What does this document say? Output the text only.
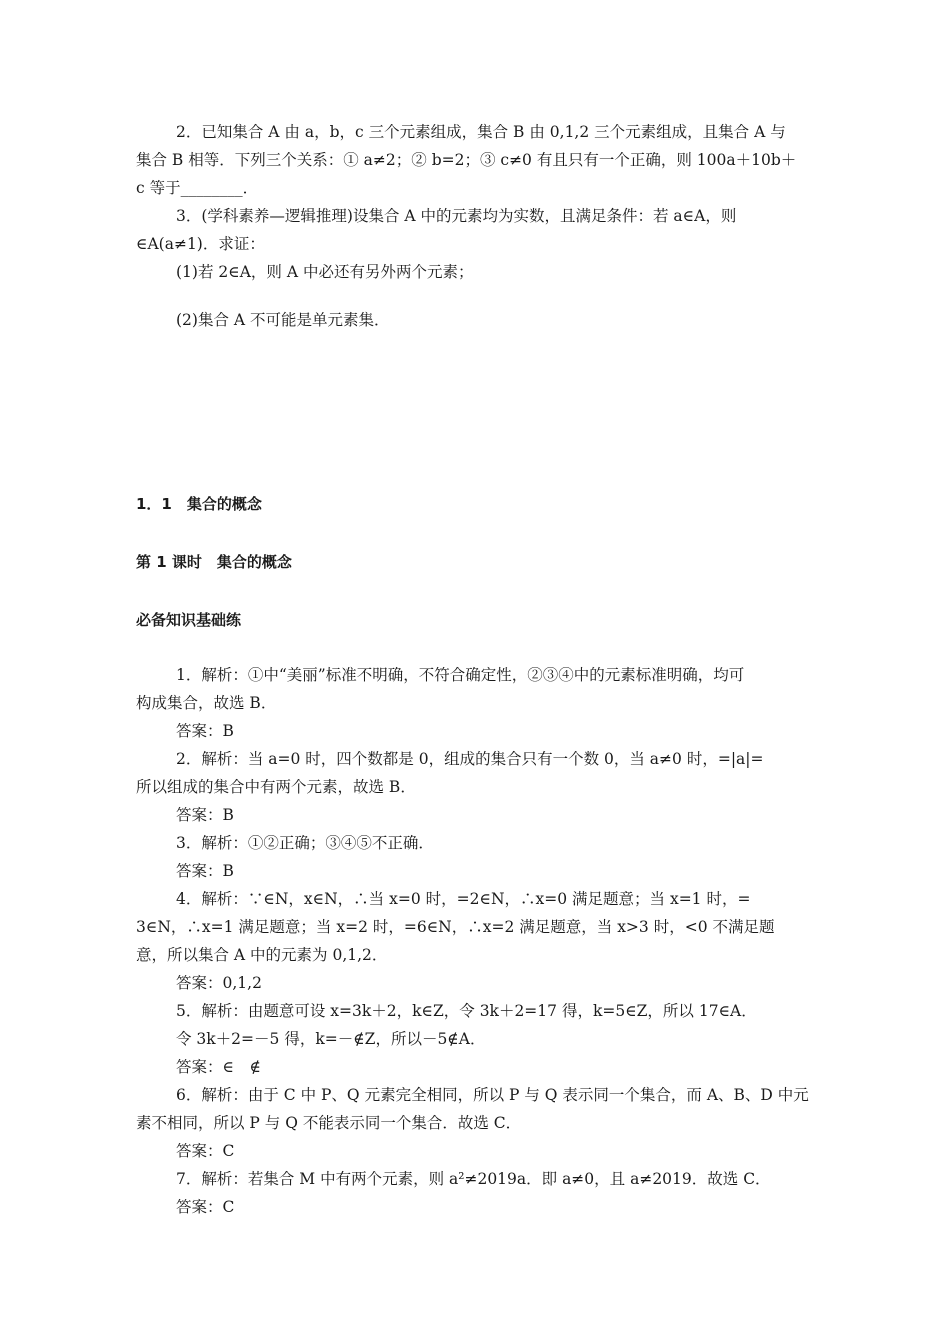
2．已知集合 A 由 a，b，c 三个元素组成，集合 B 由 0,1,2 三个元素组成，且集合 A 与
集合 B 相等．下列三个关系：① a≠2；② b=2；③ c≠0 有且只有一个正确，则 100a＋10b＋
c 等于________．
3．(学科素养—逻辑推理)设集合 A 中的元素均为实数，且满足条件：若 a∈A，则
∈A(a≠1)．求证：
(1)若 2∈A，则 A 中必还有另外两个元素；
(2)集合 A 不可能是单元素集．
1．1　集合的概念
第 1 课时　集合的概念
必备知识基础练
1．解析：①中“美丽”标准不明确，不符合确定性，②③④中的元素标准明确，均可
构成集合，故选 B．
答案：B
2．解析：当 a=0 时，四个数都是 0，组成的集合只有一个数 0，当 a≠0 时，=|a|=
所以组成的集合中有两个元素，故选 B．
答案：B
3．解析：①②正确；③④⑤不正确．
答案：B
4．解析：∵∈N，x∈N，∴当 x=0 时，=2∈N，∴x=0 满足题意；当 x=1 时，=
3∈N，∴x=1 满足题意；当 x=2 时，=6∈N，∴x=2 满足题意，当 x>3 时，<0 不满足题
意，所以集合 A 中的元素为 0,1,2．
答案：0,1,2
5．解析：由题意可设 x=3k＋2，k∈Z，令 3k＋2=17 得，k=5∈Z，所以 17∈A．
令 3k＋2=－5 得，k=－∉Z，所以－5∉A．
答案：∈　∉
6．解析：由于 C 中 P、Q 元素完全相同，所以 P 与 Q 表示同一个集合，而 A、B、D 中元
素不相同，所以 P 与 Q 不能表示同一个集合．故选 C．
答案：C
7．解析：若集合 M 中有两个元素，则 a²≠2019a．即 a≠0，且 a≠2019．故选 C．
答案：C
